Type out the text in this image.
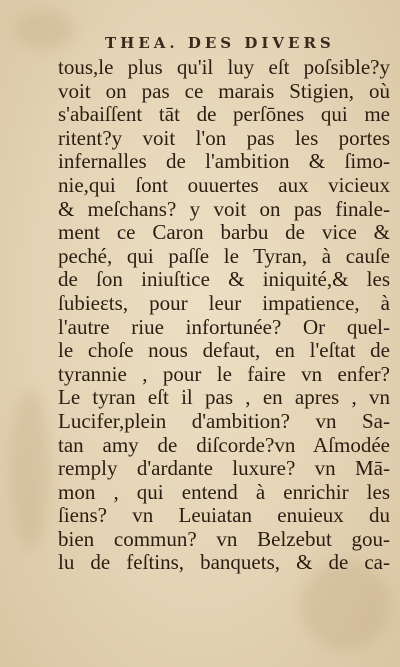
THEA. DES DIVERS
tous,le plus qu'il luy eſt poſsible?y
voit on pas ce marais Stigien, où
s'abaiſſent tāt de perſōnes qui me
ritent?y voit l'on pas les portes
infernalles de l'ambition & ſimo-
nie,qui ſont ouuertes aux vicieux
& meſchans? y voit on pas finale-
ment ce Caron barbu de vice &
peché, qui paſſe le Tyran, à cauſe
de ſon iniuſtice & iniquité,& les
ſubieɛts, pour leur impatience, à
l'autre riue infortunée? Or quel-
le choſe nous defaut, en l'eſtat de
tyrannie , pour le faire vn enfer?
Le tyran eſt il pas , en apres , vn
Lucifer,plein d'ambition? vn Sa-
tan amy de diſcorde?vn Aſmodée
remply d'ardante luxure? vn Mā-
mon , qui entend à enrichir les
ſiens? vn Leuiatan enuieux du
bien commun? vn Belzebut gou-
lu de feſtins, banquets, & de ca-
